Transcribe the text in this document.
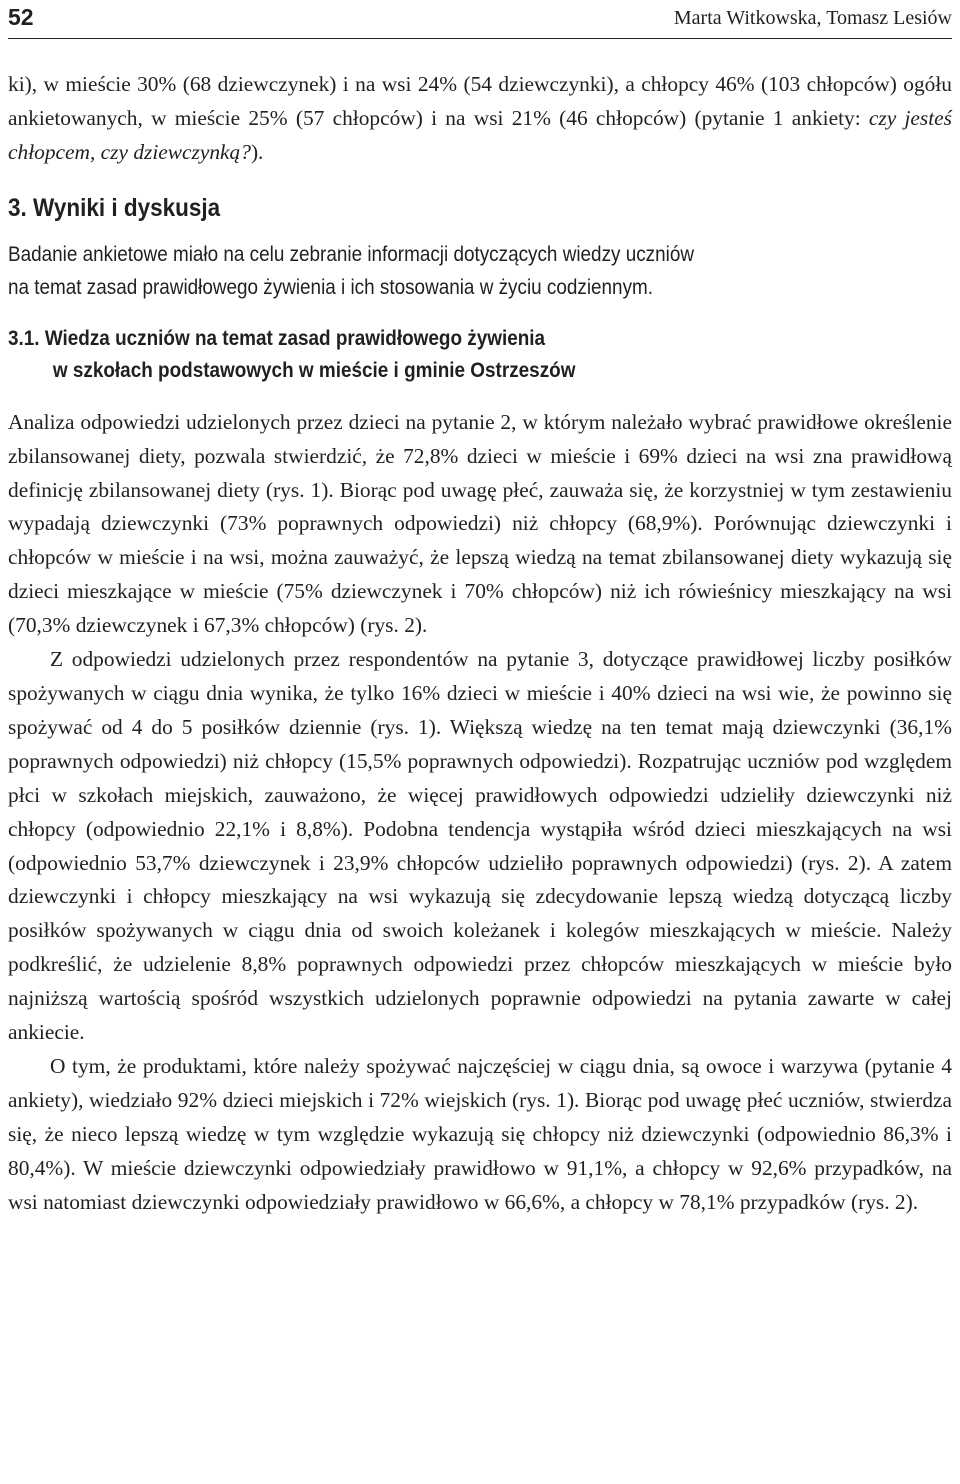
52	Marta Witkowska, Tomasz Lesiów

ki), w mieście 30% (68 dziewczynek) i na wsi 24% (54 dziewczynki), a chłopcy 46% (103 chłopców) ogółu ankietowanych, w mieście 25% (57 chłopców) i na wsi 21% (46 chłopców) (pytanie 1 ankiety: czy jesteś chłopcem, czy dziewczynką?).

3. Wyniki i dyskusja
Badanie ankietowe miało na celu zebranie informacji dotyczących wiedzy uczniów
na temat zasad prawidłowego żywienia i ich stosowania w życiu codziennym.
3.1. Wiedza uczniów na temat zasad prawidłowego żywienia
w szkołach podstawowych w mieście i gminie Ostrzeszów

Analiza odpowiedzi udzielonych przez dzieci na pytanie 2, w którym należało wybrać prawidłowe określenie zbilansowanej diety, pozwala stwierdzić, że 72,8% dzieci w mieście i 69% dzieci na wsi zna prawidłową definicję zbilansowanej diety (rys. 1). Biorąc pod uwagę płeć, zauważa się, że korzystniej w tym zestawieniu wypadają dziewczynki (73% poprawnych odpowiedzi) niż chłopcy (68,9%). Porównując dziewczynki i chłopców w mieście i na wsi, można zauważyć, że lepszą wiedzą na temat zbilansowanej diety wykazują się dzieci mieszkające w mieście (75% dziewczynek i 70% chłopców) niż ich rówieśnicy mieszkający na wsi (70,3% dziewczynek i 67,3% chłopców) (rys. 2).

Z odpowiedzi udzielonych przez respondentów na pytanie 3, dotyczące prawidłowej liczby posiłków spożywanych w ciągu dnia wynika, że tylko 16% dzieci w mieście i 40% dzieci na wsi wie, że powinno się spożywać od 4 do 5 posiłków dziennie (rys. 1). Większą wiedzę na ten temat mają dziewczynki (36,1% poprawnych odpowiedzi) niż chłopcy (15,5% poprawnych odpowiedzi). Rozpatrując uczniów pod względem płci w szkołach miejskich, zauważono, że więcej prawidłowych odpowiedzi udzieliły dziewczynki niż chłopcy (odpowiednio 22,1% i 8,8%). Podobna tendencja wystąpiła wśród dzieci mieszkających na wsi (odpowiednio 53,7% dziewczynek i 23,9% chłopców udzieliło poprawnych odpowiedzi) (rys. 2). A zatem dziewczynki i chłopcy mieszkający na wsi wykazują się zdecydowanie lepszą wiedzą dotyczącą liczby posiłków spożywanych w ciągu dnia od swoich koleżanek i kolegów mieszkających w mieście. Należy podkreślić, że udzielenie 8,8% poprawnych odpowiedzi przez chłopców mieszkających w mieście było najniższą wartością spośród wszystkich udzielonych poprawnie odpowiedzi na pytania zawarte w całej ankiecie.

O tym, że produktami, które należy spożywać najczęściej w ciągu dnia, są owoce i warzywa (pytanie 4 ankiety), wiedziało 92% dzieci miejskich i 72% wiejskich (rys. 1). Biorąc pod uwagę płeć uczniów, stwierdza się, że nieco lepszą wiedzę w tym względzie wykazują się chłopcy niż dziewczynki (odpowiednio 86,3% i 80,4%). W mieście dziewczynki odpowiedziały prawidłowo w 91,1%, a chłopcy w 92,6% przypadków, na wsi natomiast dziewczynki odpowiedziały prawidłowo w 66,6%, a chłopcy w 78,1% przypadków (rys. 2).
